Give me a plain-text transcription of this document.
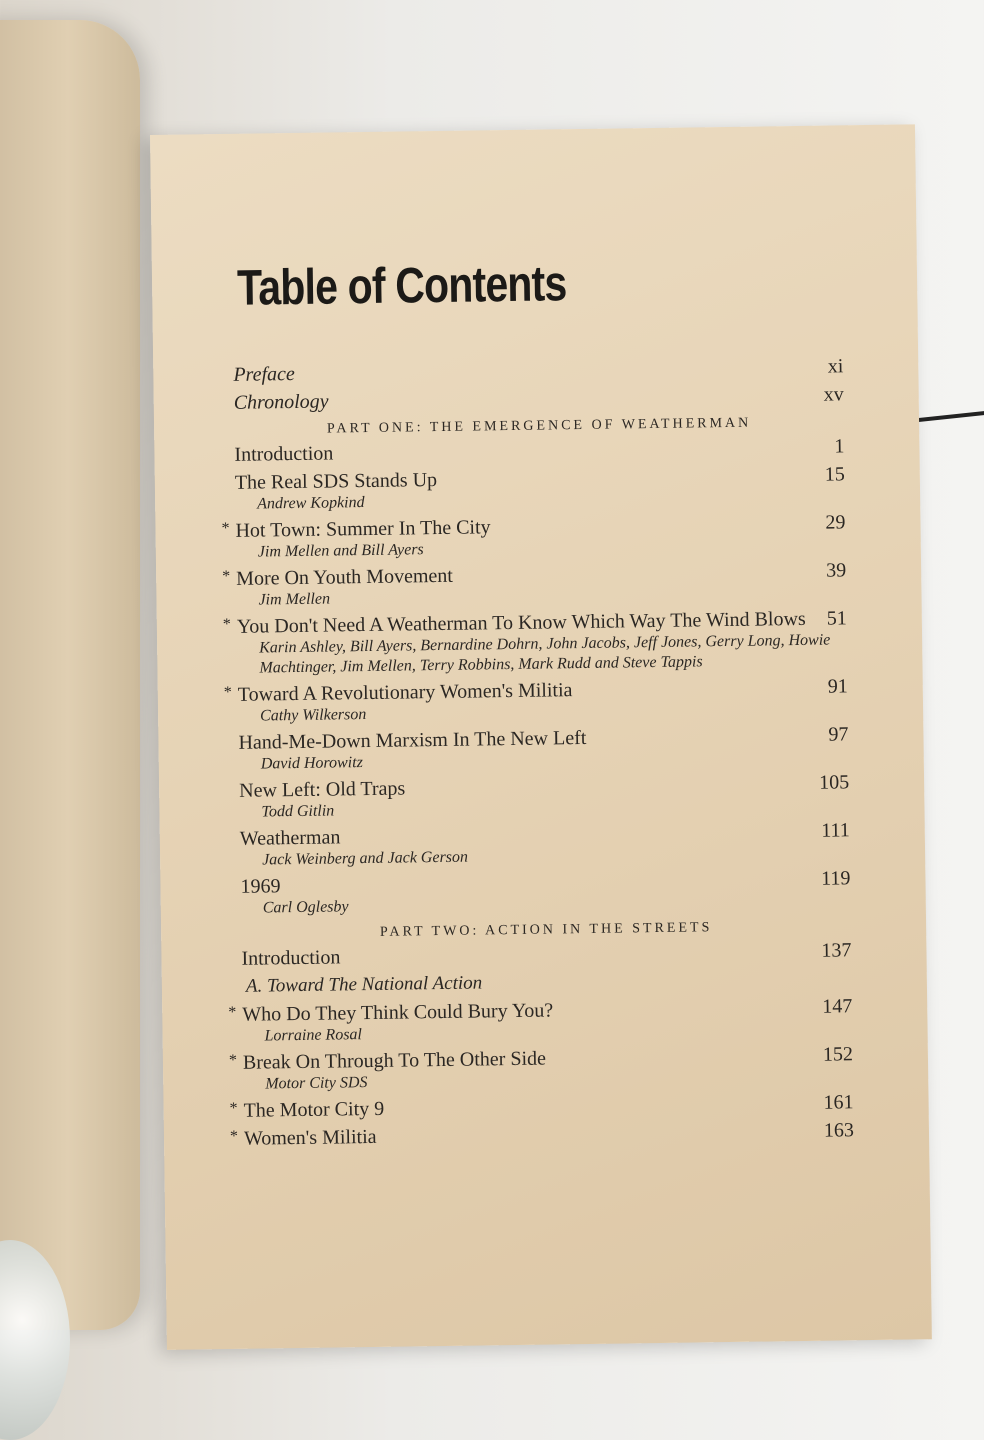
Table of Contents
Preface	xi
Chronology	xv
PART ONE: THE EMERGENCE OF WEATHERMAN
Introduction	1
The Real SDS Stands Up	15
Andrew Kopkind
* Hot Town: Summer In The City	29
Jim Mellen and Bill Ayers
* More On Youth Movement	39
Jim Mellen
* You Don't Need A Weatherman To Know Which Way The Wind Blows 51
Karin Ashley, Bill Ayers, Bernardine Dohrn, John Jacobs, Jeff Jones, Gerry Long, Howie Machtinger, Jim Mellen, Terry Robbins, Mark Rudd and Steve Tappis
* Toward A Revolutionary Women's Militia	91
Cathy Wilkerson
Hand-Me-Down Marxism In The New Left	97
David Horowitz
New Left: Old Traps	105
Todd Gitlin
Weatherman	111
Jack Weinberg and Jack Gerson
1969	119
Carl Oglesby
PART TWO: ACTION IN THE STREETS
Introduction	137
A. Toward The National Action
* Who Do They Think Could Bury You?	147
Lorraine Rosal
* Break On Through To The Other Side	152
Motor City SDS
* The Motor City 9	161
* Women's Militia	163
